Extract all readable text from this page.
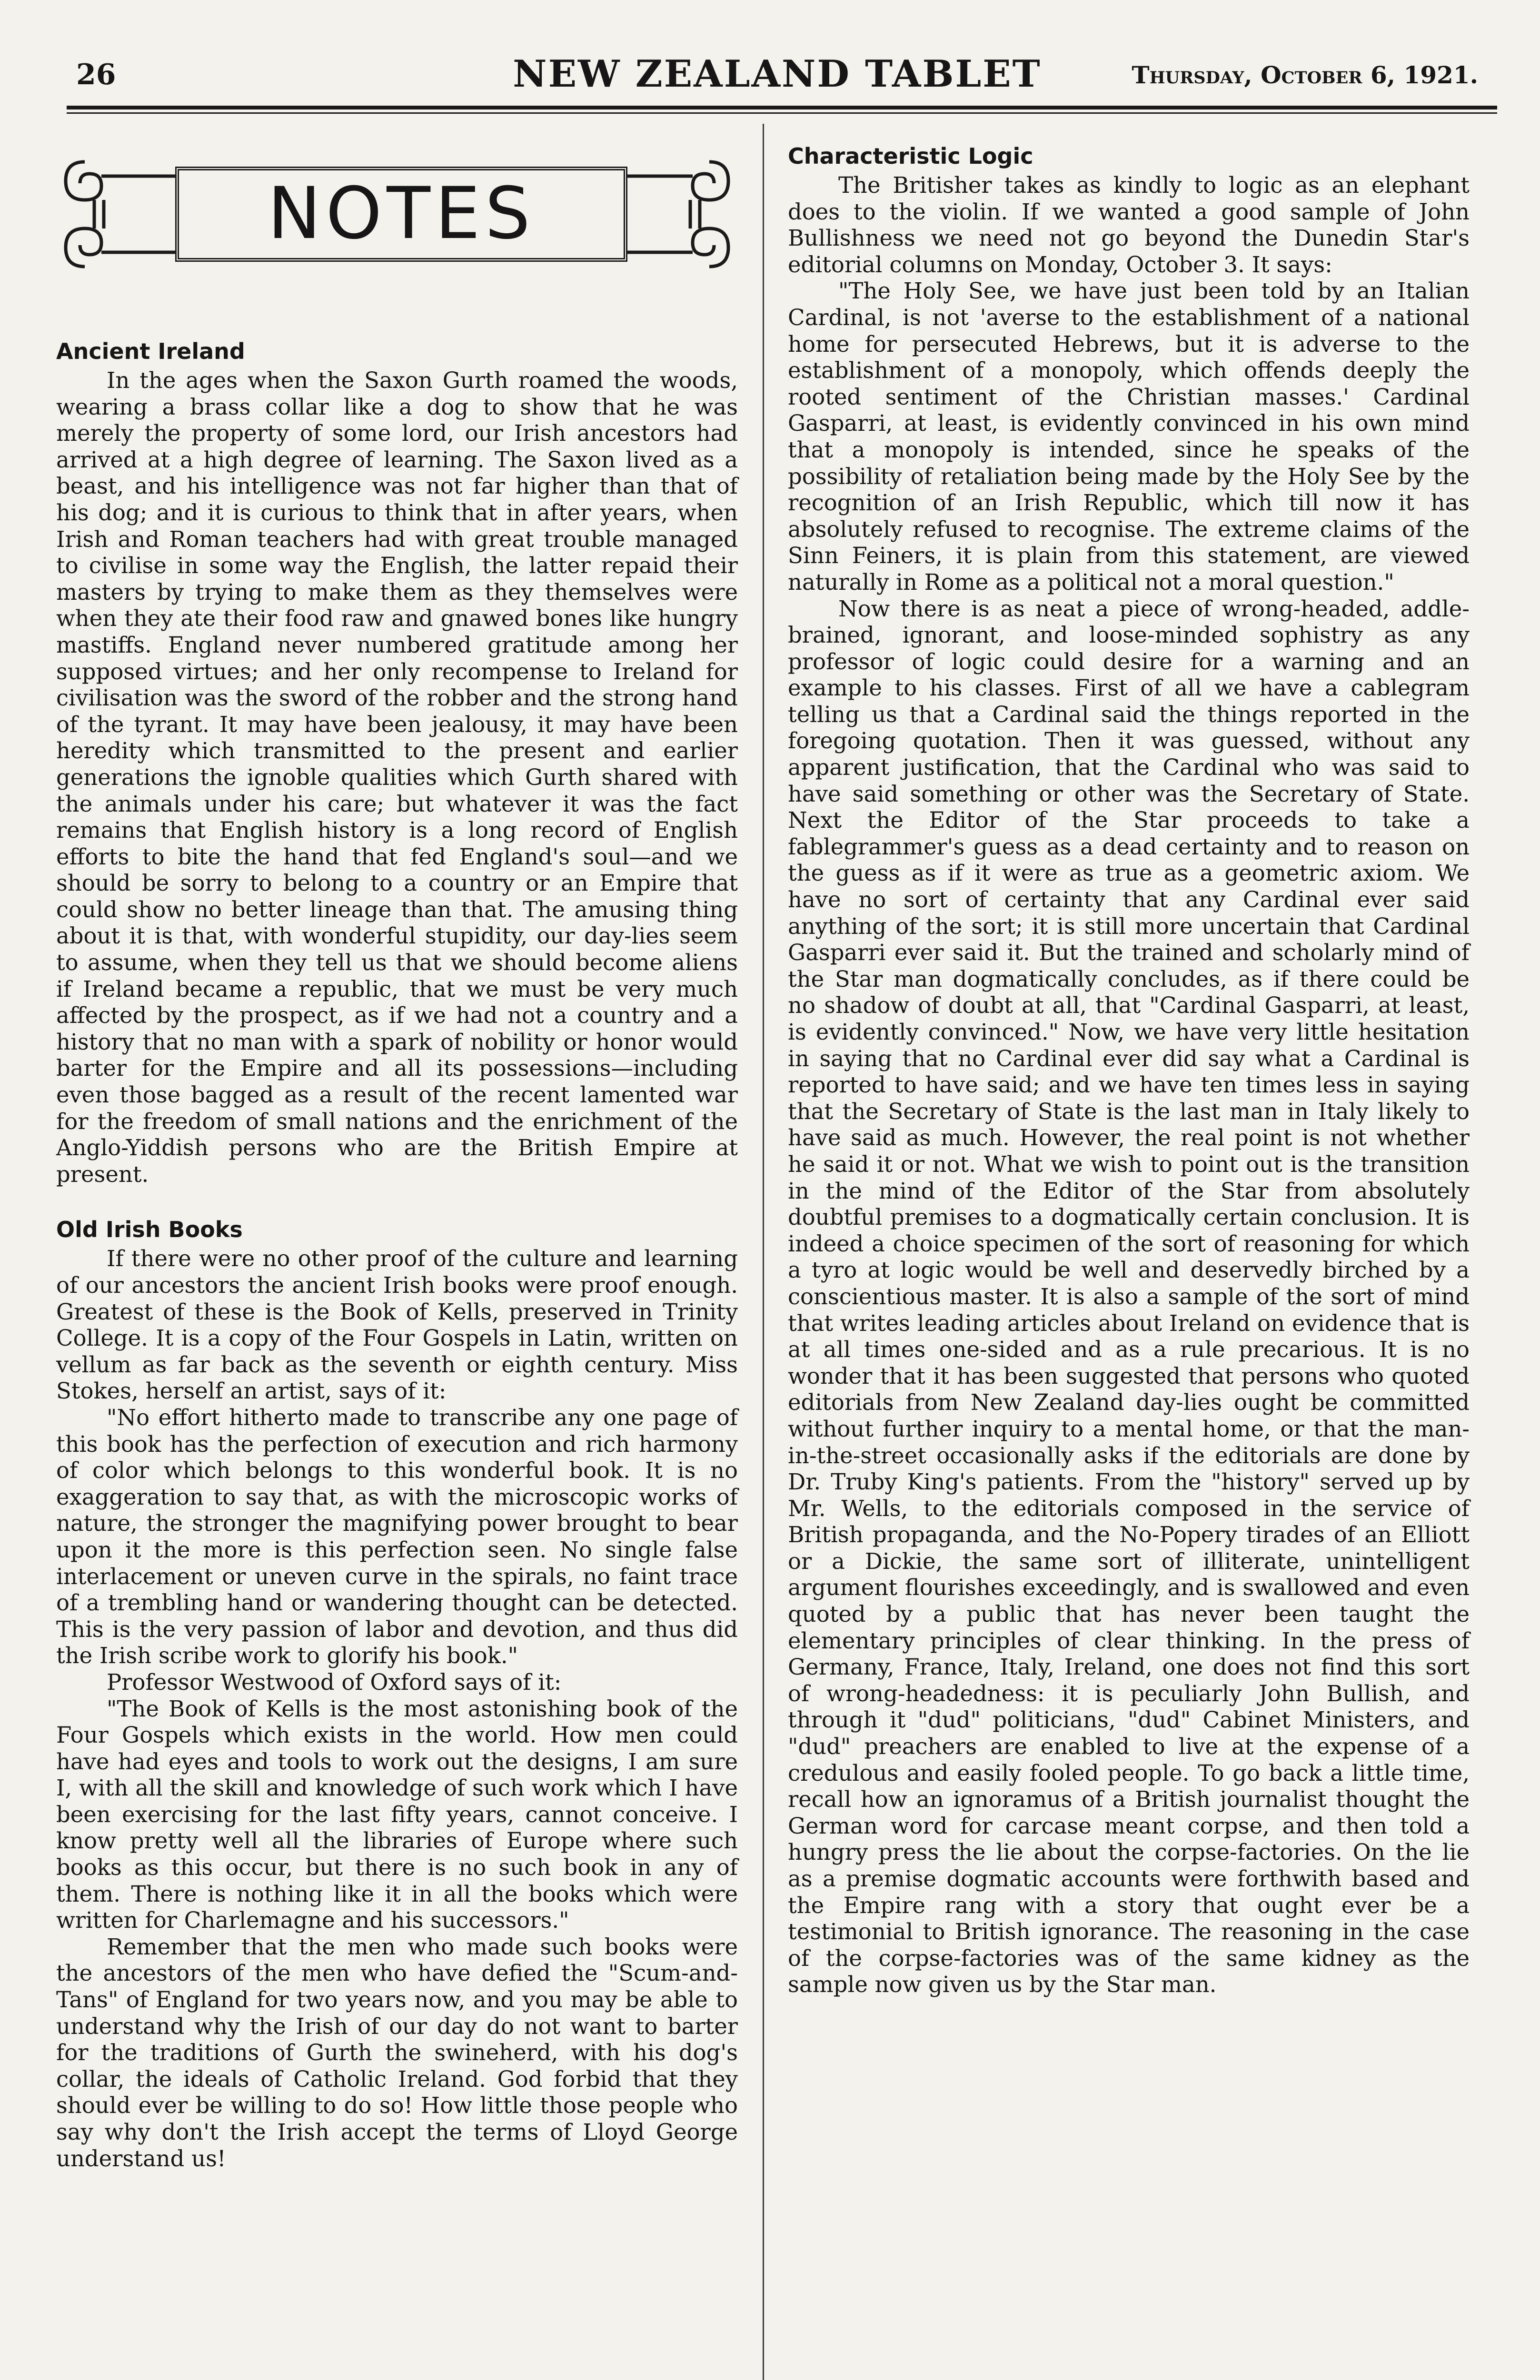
26	NEW ZEALAND TABLET	Thursday, October 6, 1921.
NOTES
Ancient Ireland

In the ages when the Saxon Gurth roamed the woods, wearing a brass collar like a dog to show that he was merely the property of some lord, our Irish ancestors had arrived at a high degree of learning. The Saxon lived as a beast, and his intelligence was not far higher than that of his dog; and it is curious to think that in after years, when Irish and Roman teachers had with great trouble managed to civilise in some way the English, the latter repaid their masters by trying to make them as they themselves were when they ate their food raw and gnawed bones like hungry mastiffs. England never numbered gratitude among her supposed virtues; and her only recompense to Ireland for civilisation was the sword of the robber and the strong hand of the tyrant. It may have been jealousy, it may have been heredity which transmitted to the present and earlier generations the ignoble qualities which Gurth shared with the animals under his care; but whatever it was the fact remains that English history is a long record of English efforts to bite the hand that fed England's soul—and we should be sorry to belong to a country or an Empire that could show no better lineage than that. The amusing thing about it is that, with wonderful stupidity, our day-lies seem to assume, when they tell us that we should become aliens if Ireland became a republic, that we must be very much affected by the prospect, as if we had not a country and a history that no man with a spark of nobility or honor would barter for the Empire and all its possessions—including even those bagged as a result of the recent lamented war for the freedom of small nations and the enrichment of the Anglo-Yiddish persons who are the British Empire at present.

Old Irish Books

If there were no other proof of the culture and learning of our ancestors the ancient Irish books were proof enough. Greatest of these is the Book of Kells, preserved in Trinity College. It is a copy of the Four Gospels in Latin, written on vellum as far back as the seventh or eighth century. Miss Stokes, herself an artist, says of it:

"No effort hitherto made to transcribe any one page of this book has the perfection of execution and rich harmony of color which belongs to this wonderful book. It is no exaggeration to say that, as with the microscopic works of nature, the stronger the magnifying power brought to bear upon it the more is this perfection seen. No single false interlacement or uneven curve in the spirals, no faint trace of a trembling hand or wandering thought can be detected. This is the very passion of labor and devotion, and thus did the Irish scribe work to glorify his book."

Professor Westwood of Oxford says of it:

"The Book of Kells is the most astonishing book of the Four Gospels which exists in the world. How men could have had eyes and tools to work out the designs, I am sure I, with all the skill and knowledge of such work which I have been exercising for the last fifty years, cannot conceive. I know pretty well all the libraries of Europe where such books as this occur, but there is no such book in any of them. There is nothing like it in all the books which were written for Charlemagne and his successors."

Remember that the men who made such books were the ancestors of the men who have defied the "Scum-and-Tans" of England for two years now, and you may be able to understand why the Irish of our day do not want to barter for the traditions of Gurth the swineherd, with his dog's collar, the ideals of Catholic Ireland. God forbid that they should ever be willing to do so! How little those people who say why don't the Irish accept the terms of Lloyd George understand us!

Characteristic Logic

The Britisher takes as kindly to logic as an elephant does to the violin. If we wanted a good sample of John Bullishness we need not go beyond the Dunedin Star's editorial columns on Monday, October 3. It says:

"The Holy See, we have just been told by an Italian Cardinal, is not 'averse to the establishment of a national home for persecuted Hebrews, but it is adverse to the establishment of a monopoly, which offends deeply the rooted sentiment of the Christian masses.' Cardinal Gasparri, at least, is evidently convinced in his own mind that a monopoly is intended, since he speaks of the possibility of retaliation being made by the Holy See by the recognition of an Irish Republic, which till now it has absolutely refused to recognise. The extreme claims of the Sinn Feiners, it is plain from this statement, are viewed naturally in Rome as a political not a moral question."

Now there is as neat a piece of wrong-headed, addle-brained, ignorant, and loose-minded sophistry as any professor of logic could desire for a warning and an example to his classes. First of all we have a cablegram telling us that a Cardinal said the things reported in the foregoing quotation. Then it was guessed, without any apparent justification, that the Cardinal who was said to have said something or other was the Secretary of State. Next the Editor of the Star proceeds to take a fablegrammer's guess as a dead certainty and to reason on the guess as if it were as true as a geometric axiom. We have no sort of certainty that any Cardinal ever said anything of the sort; it is still more uncertain that Cardinal Gasparri ever said it. But the trained and scholarly mind of the Star man dogmatically concludes, as if there could be no shadow of doubt at all, that "Cardinal Gasparri, at least, is evidently convinced." Now, we have very little hesitation in saying that no Cardinal ever did say what a Cardinal is reported to have said; and we have ten times less in saying that the Secretary of State is the last man in Italy likely to have said as much. However, the real point is not whether he said it or not. What we wish to point out is the transition in the mind of the Editor of the Star from absolutely doubtful premises to a dogmatically certain conclusion. It is indeed a choice specimen of the sort of reasoning for which a tyro at logic would be well and deservedly birched by a conscientious master. It is also a sample of the sort of mind that writes leading articles about Ireland on evidence that is at all times one-sided and as a rule precarious. It is no wonder that it has been suggested that persons who quoted editorials from New Zealand day-lies ought be committed without further inquiry to a mental home, or that the man-in-the-street occasionally asks if the editorials are done by Dr. Truby King's patients. From the "history" served up by Mr. Wells, to the editorials composed in the service of British propaganda, and the No-Popery tirades of an Elliott or a Dickie, the same sort of illiterate, unintelligent argument flourishes exceedingly, and is swallowed and even quoted by a public that has never been taught the elementary principles of clear thinking. In the press of Germany, France, Italy, Ireland, one does not find this sort of wrong-headedness: it is peculiarly John Bullish, and through it "dud" politicians, "dud" Cabinet Ministers, and "dud" preachers are enabled to live at the expense of a credulous and easily fooled people. To go back a little time, recall how an ignoramus of a British journalist thought the German word for carcase meant corpse, and then told a hungry press the lie about the corpse-factories. On the lie as a premise dogmatic accounts were forthwith based and the Empire rang with a story that ought ever be a testimonial to British ignorance. The reasoning in the case of the corpse-factories was of the same kidney as the sample now given us by the Star man.
